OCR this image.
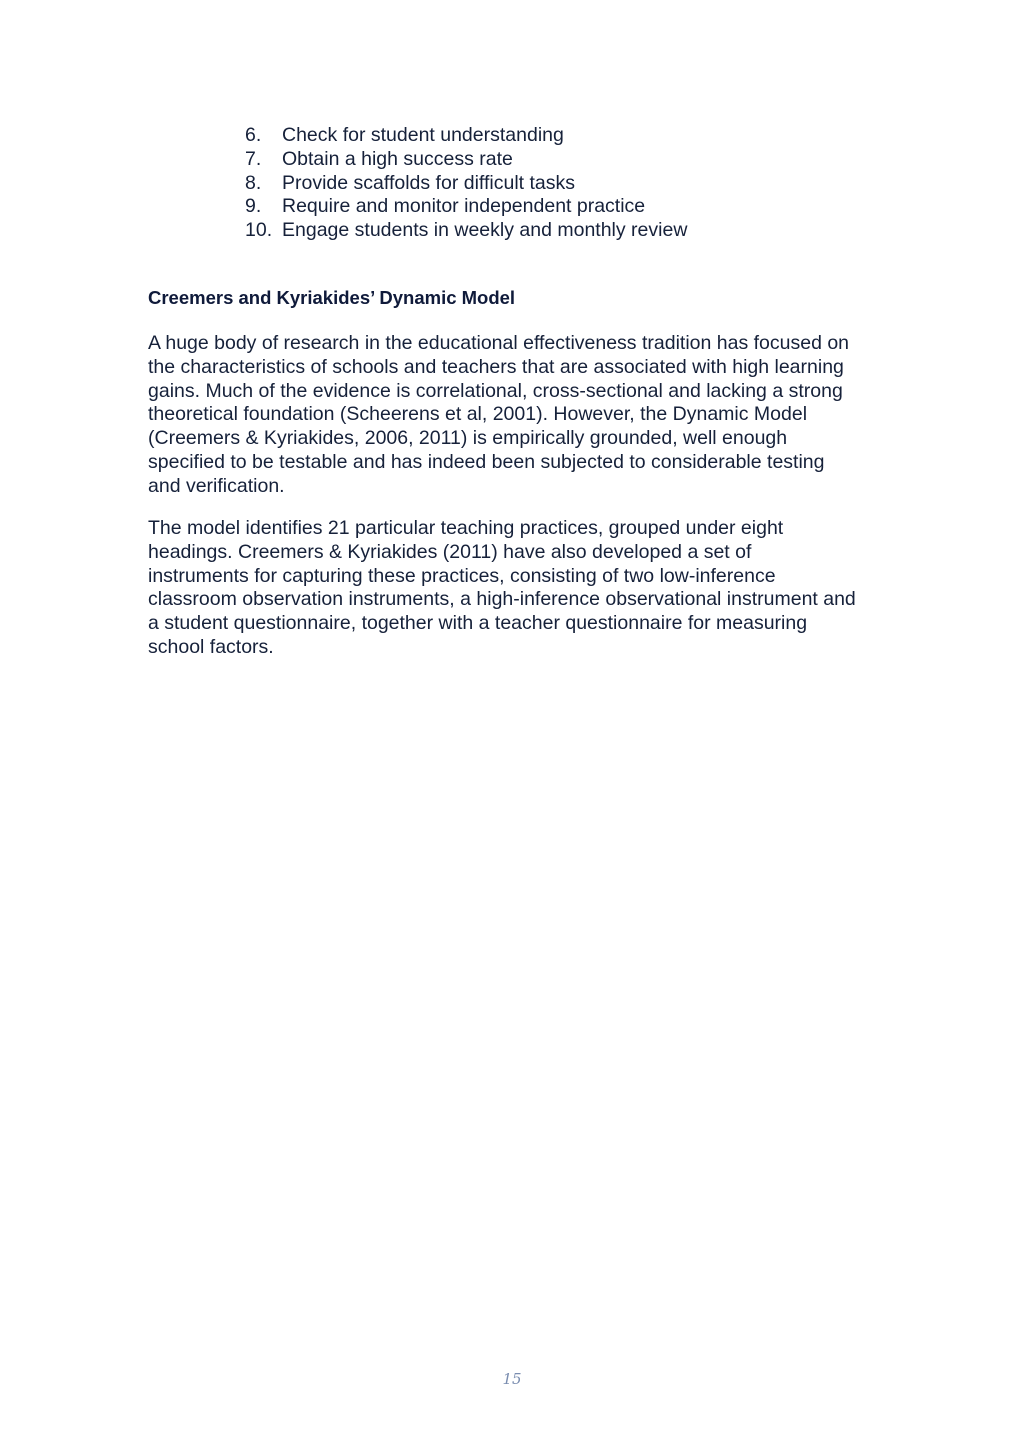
6.	Check for student understanding
7.	Obtain a high success rate
8.	Provide scaffolds for difficult tasks
9.	Require and monitor independent practice
10. Engage students in weekly and monthly review
Creemers and Kyriakides’ Dynamic Model

A huge body of research in the educational effectiveness tradition has focused on
the characteristics of schools and teachers that are associated with high learning
gains. Much of the evidence is correlational, cross-sectional and lacking a strong
theoretical foundation (Scheerens et al, 2001). However, the Dynamic Model
(Creemers & Kyriakides, 2006, 2011) is empirically grounded, well enough
specified to be testable and has indeed been subjected to considerable testing
and verification.

The model identifies 21 particular teaching practices, grouped under eight
headings. Creemers & Kyriakides (2011) have also developed a set of
instruments for capturing these practices, consisting of two low-inference
classroom observation instruments, a high-inference observational instrument and
a student questionnaire, together with a teacher questionnaire for measuring
school factors.

15
